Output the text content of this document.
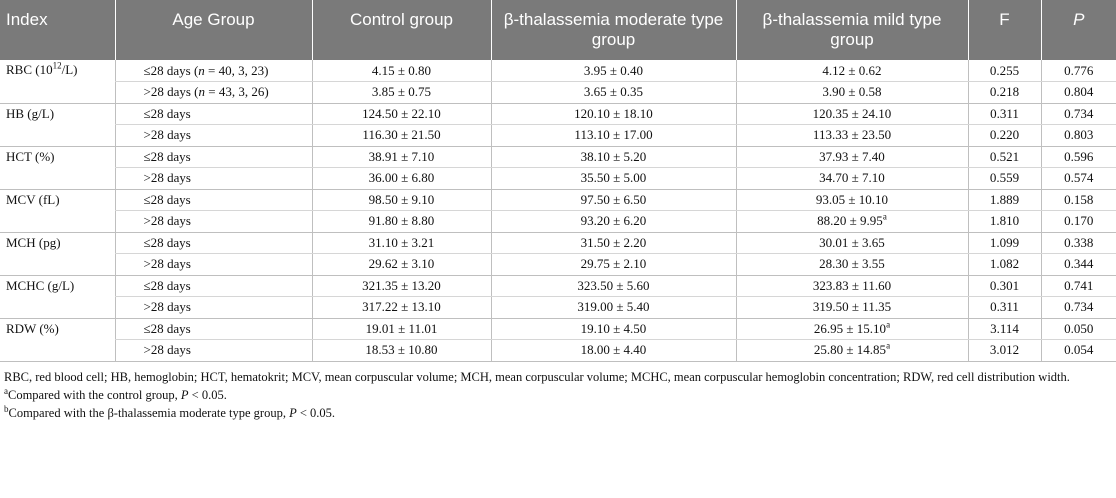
Index	Age Group	Control group	β-thalassemia moderate type group	β-thalassemia mild type group	F	P
RBC $(10^{12}/L)$	≤28 days (n = 40, 3, 23)	4.15 ± 0.80	3.95 ± 0.40	4.12 ± 0.62	0.255	0.776
	>28 days (n = 43, 3, 26)	3.85 ± 0.75	3.65 ± 0.35	3.90 ± 0.58	0.218	0.804
HB (g/L)	≤28 days	124.50 ± 22.10	120.10 ± 18.10	120.35 ± 24.10	0.311	0.734
	>28 days	116.30 ± 21.50	113.10 ± 17.00	113.33 ± 23.50	0.220	0.803
HCT (%)	≤28 days	38.91 ± 7.10	38.10 ± 5.20	37.93 ± 7.40	0.521	0.596
	>28 days	36.00 ± 6.80	35.50 ± 5.00	34.70 ± 7.10	0.559	0.574
MCV (fL)	≤28 days	98.50 ± 9.10	97.50 ± 6.50	93.05 ± 10.10	1.889	0.158
	>28 days	91.80 ± 8.80	93.20 ± 6.20	88.20 ± 9.95$^a$	1.810	0.170
MCH (pg)	≤28 days	31.10 ± 3.21	31.50 ± 2.20	30.01 ± 3.65	1.099	0.338
	>28 days	29.62 ± 3.10	29.75 ± 2.10	28.30 ± 3.55	1.082	0.344
MCHC (g/L)	≤28 days	321.35 ± 13.20	323.50 ± 5.60	323.83 ± 11.60	0.301	0.741
	>28 days	317.22 ± 13.10	319.00 ± 5.40	319.50 ± 11.35	0.311	0.734
RDW (%)	≤28 days	19.01 ± 11.01	19.10 ± 4.50	26.95 ± 15.10$^a$	3.114	0.050
	>28 days	18.53 ± 10.80	18.00 ± 4.40	25.80 ± 14.85$^a$	3.012	0.054

RBC, red blood cell; HB, hemoglobin; HCT, hematokrit; MCV, mean corpuscular volume; MCH, mean corpuscular volume; MCHC, mean corpuscular hemoglobin concentration; RDW, red cell distribution width.

$^a$Compared with the control group, P < 0.05.

$^b$Compared with the β-thalassemia moderate type group, P < 0.05.
